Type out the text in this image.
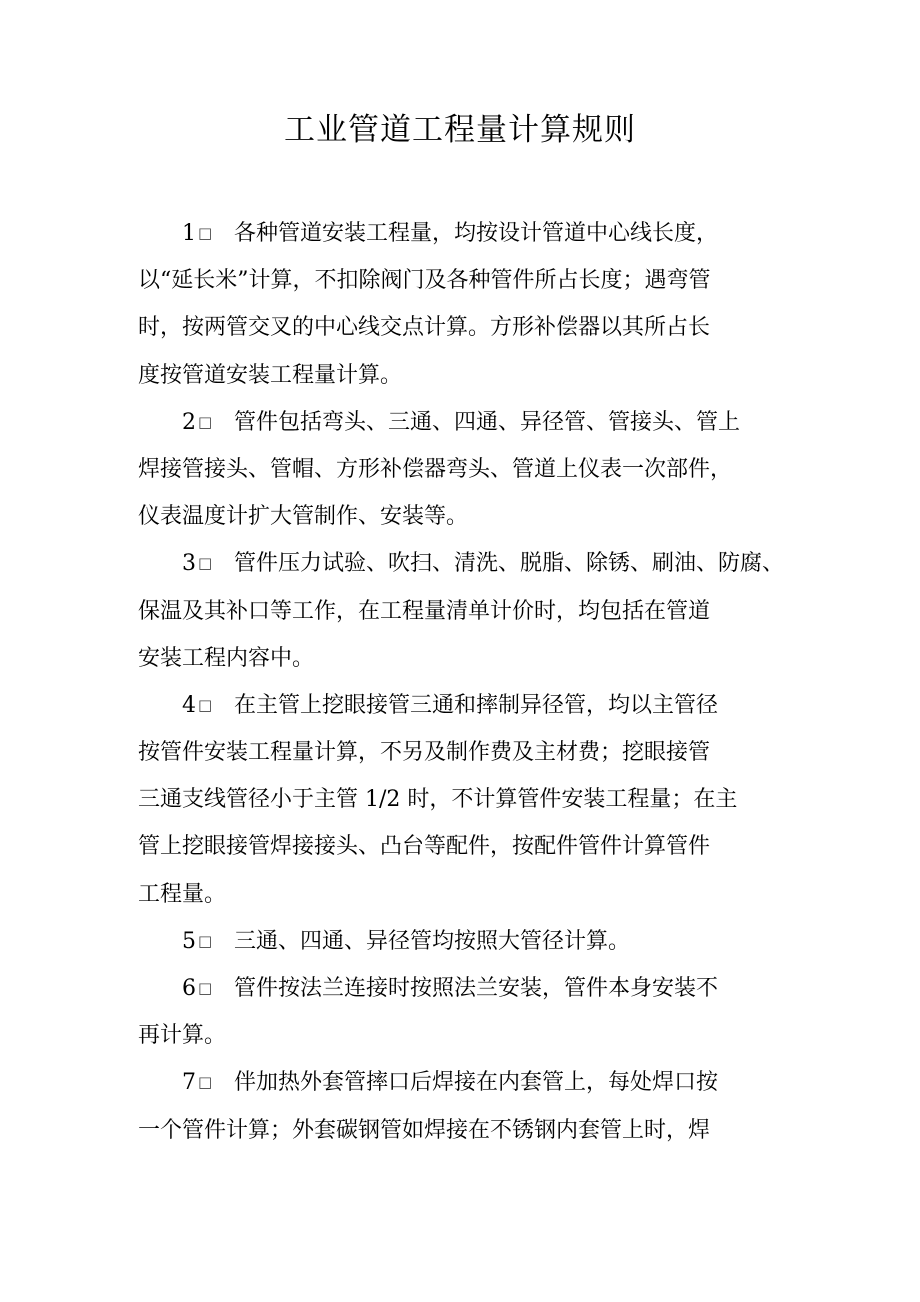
工业管道工程量计算规则
1 □ 各种管道安装工程量，均按设计管道中心线长度，
以“延长米”计算，不扣除阀门及各种管件所占长度；遇弯管
时，按两管交叉的中心线交点计算。方形补偿器以其所占长
度按管道安装工程量计算。
2 □ 管件包括弯头、三通、四通、异径管、管接头、管上
焊接管接头、管帽、方形补偿器弯头、管道上仪表一次部件，
仪表温度计扩大管制作、安装等。
3 □ 管件压力试验、吹扫、清洗、脱脂、除锈、刷油、防腐、
保温及其补口等工作，在工程量清单计价时，均包括在管道
安装工程内容中。
4 □ 在主管上挖眼接管三通和摔制异径管，均以主管径
按管件安装工程量计算，不另及制作费及主材费；挖眼接管
三通支线管径小于主管 1/2 时，不计算管件安装工程量；在主
管上挖眼接管焊接接头、凸台等配件，按配件管件计算管件
工程量。
5 □ 三通、四通、异径管均按照大管径计算。
6 □ 管件按法兰连接时按照法兰安装，管件本身安装不
再计算。
7 □ 伴加热外套管摔口后焊接在内套管上，每处焊口按
一个管件计算；外套碳钢管如焊接在不锈钢内套管上时，焊
